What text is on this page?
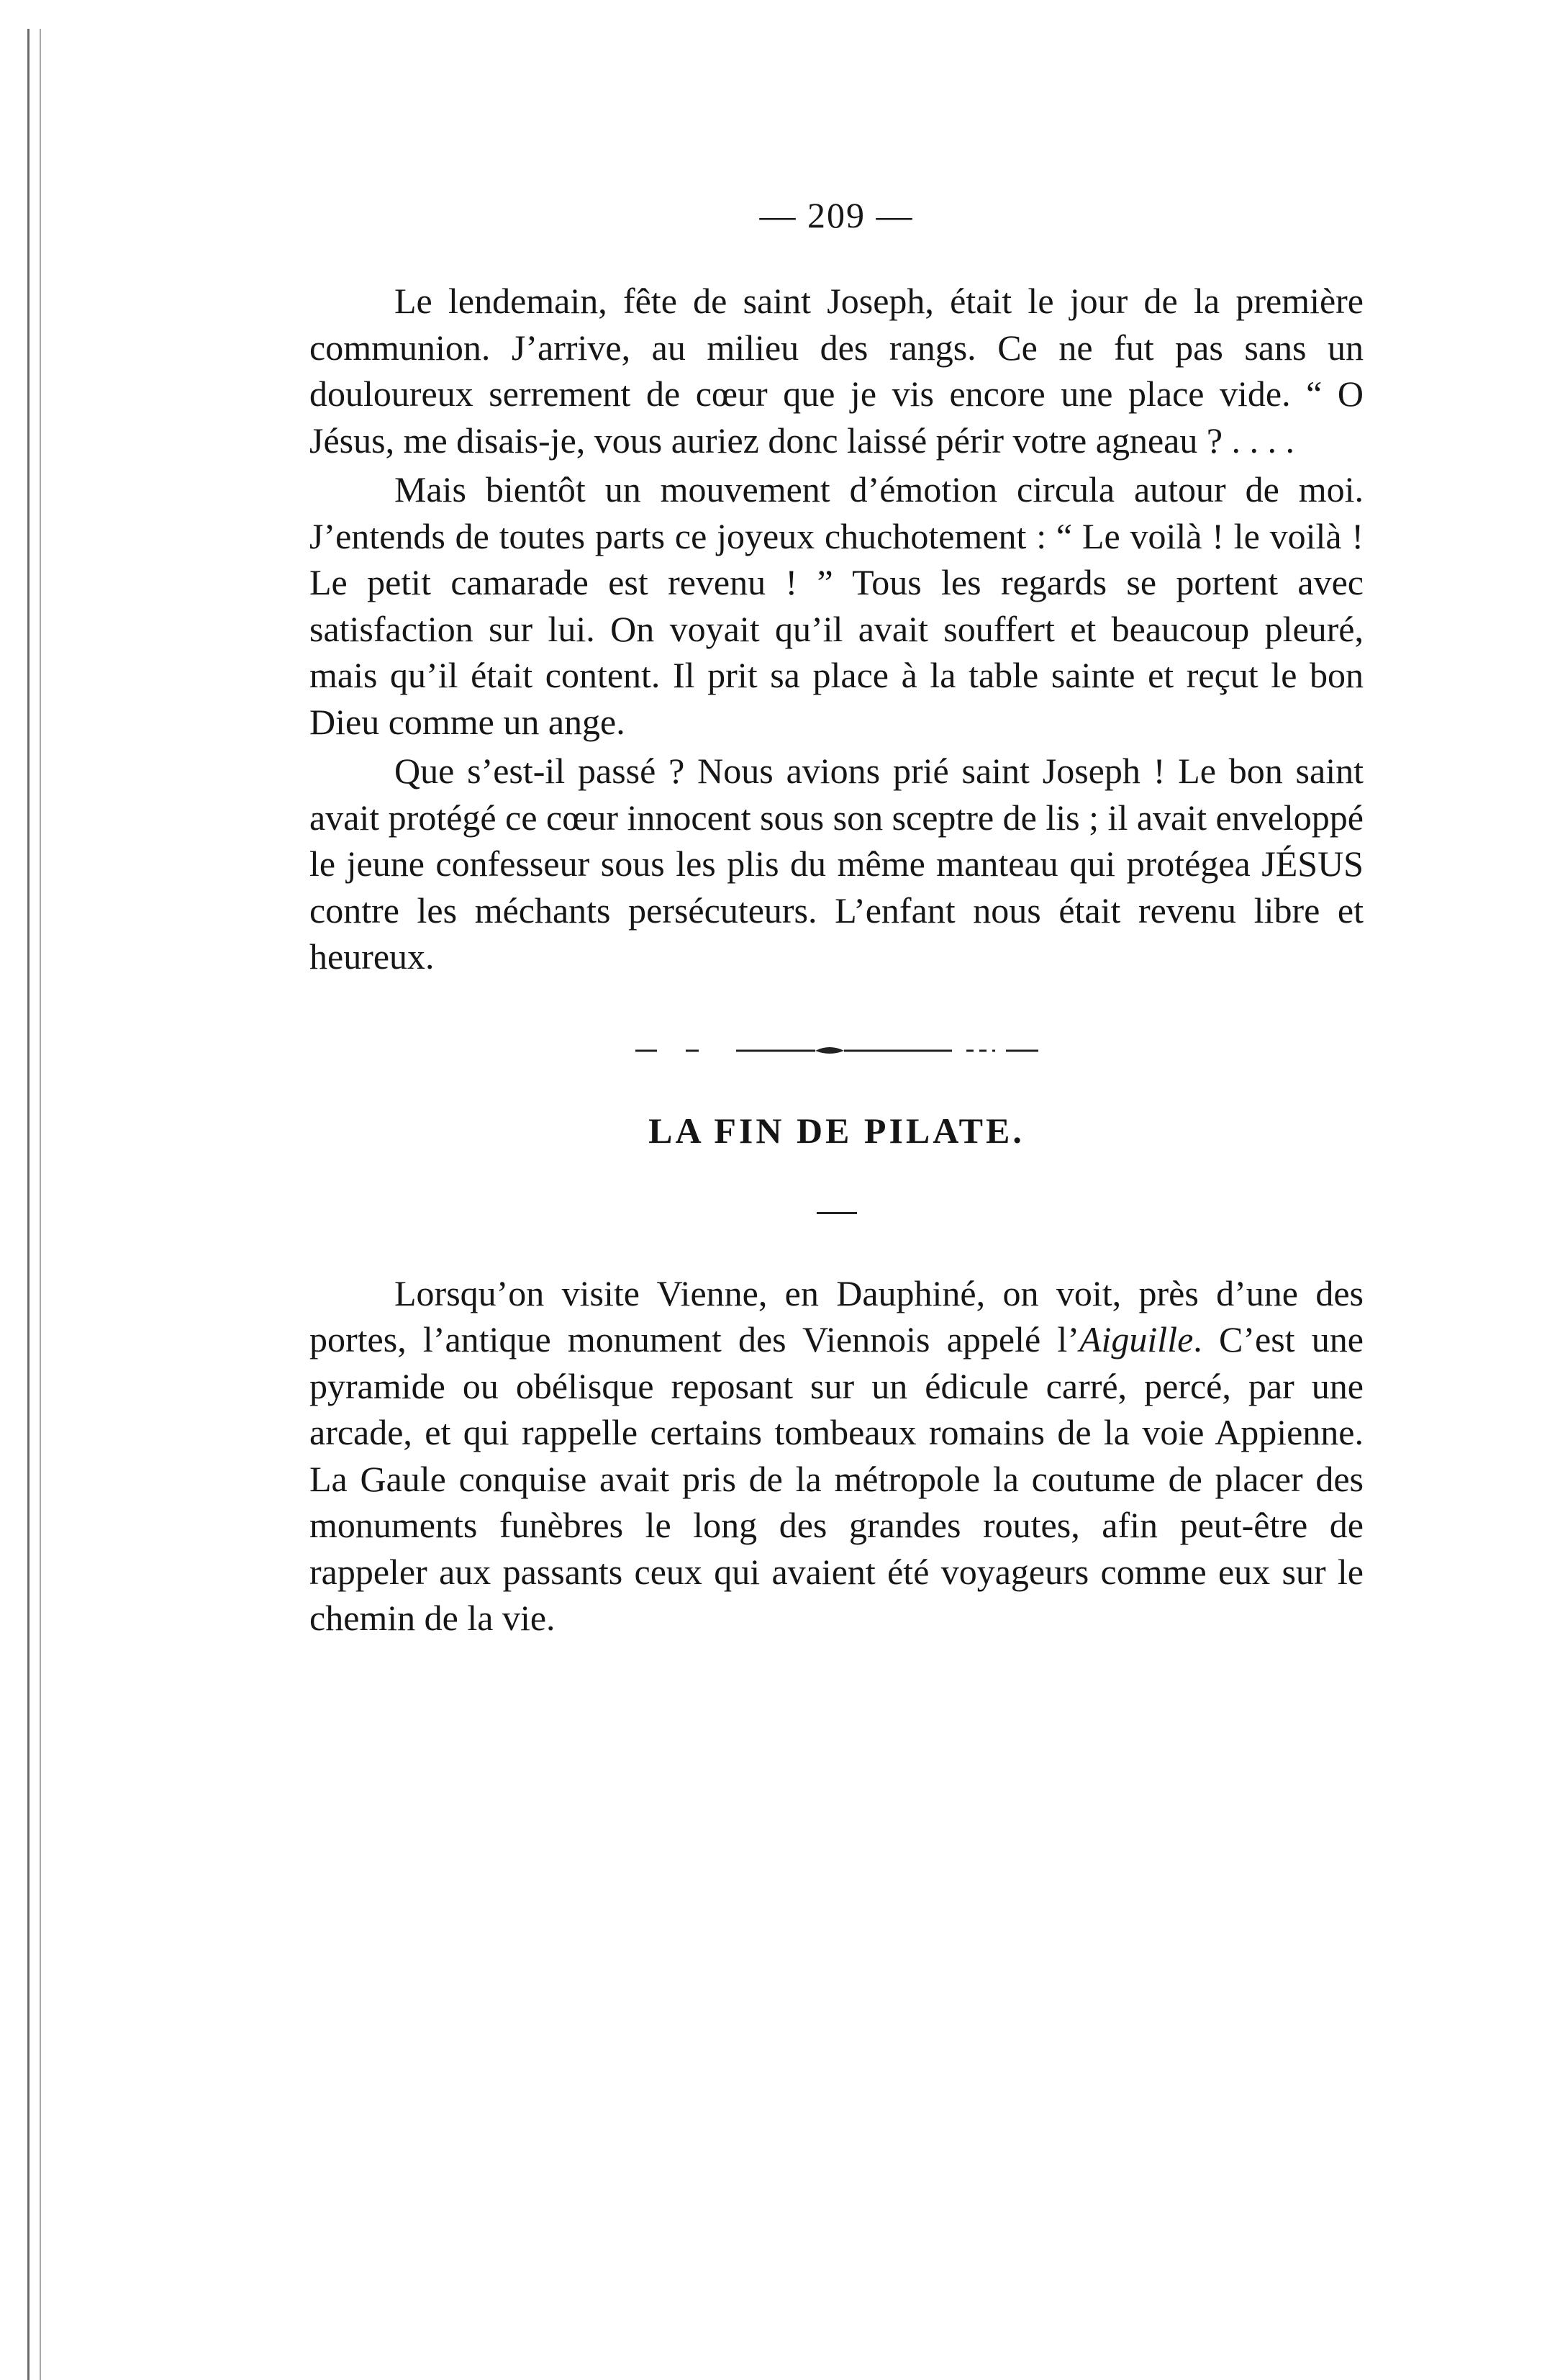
— 209 —

Le lendemain, fête de saint Joseph, était le jour de la première communion. J’arrive, au milieu des rangs. Ce ne fut pas sans un douloureux serrement de cœur que je vis encore une place vide. “ O Jésus, me disais-je, vous auriez donc laissé périr votre agneau ? . . . .

Mais bientôt un mouvement d’émotion circula autour de moi. J’entends de toutes parts ce joyeux chuchotement : “ Le voilà ! le voilà ! Le petit camarade est revenu ! ” Tous les regards se portent avec satisfaction sur lui. On voyait qu’il avait souffert et beaucoup pleuré, mais qu’il était content. Il prit sa place à la table sainte et reçut le bon Dieu comme un ange.

Que s’est-il passé ? Nous avions prié saint Joseph ! Le bon saint avait protégé ce cœur innocent sous son sceptre de lis ; il avait enveloppé le jeune confesseur sous les plis du même manteau qui protégea JÉSUS contre les méchants persécuteurs. L’enfant nous était revenu libre et heureux.

LA FIN DE PILATE.

Lorsqu’on visite Vienne, en Dauphiné, on voit, près d’une des portes, l’antique monument des Viennois appelé l’Aiguille. C’est une pyramide ou obélisque reposant sur un édicule carré, percé, par une arcade, et qui rappelle certains tombeaux romains de la voie Appienne. La Gaule conquise avait pris de la métropole la coutume de placer des monuments funèbres le long des grandes routes, afin peut-être de rappeler aux passants ceux qui avaient été voyageurs comme eux sur le chemin de la vie.
